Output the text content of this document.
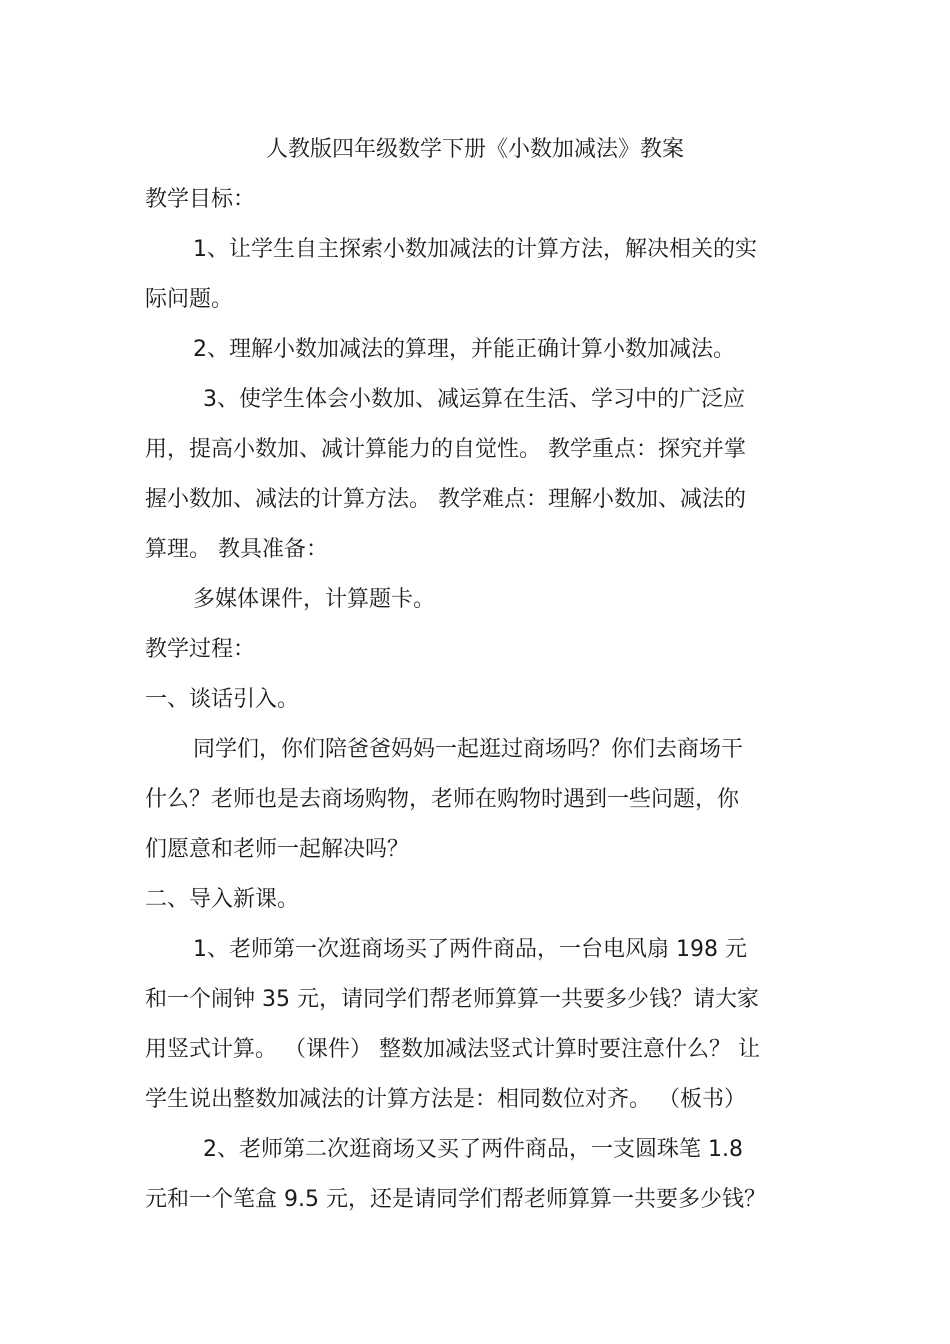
人教版四年级数学下册《小数加减法》教案
教学目标：
1、让学生自主探索小数加减法的计算方法，解决相关的实
际问题。
2、理解小数加减法的算理，并能正确计算小数加减法。
3、使学生体会小数加、减运算在生活、学习中的广泛应
用，提高小数加、减计算能力的自觉性。 教学重点：探究并掌
握小数加、减法的计算方法。 教学难点：理解小数加、减法的
算理。 教具准备：
多媒体课件，计算题卡。
教学过程：
一、谈话引入。
同学们，你们陪爸爸妈妈一起逛过商场吗？你们去商场干
什么？老师也是去商场购物，老师在购物时遇到一些问题，你
们愿意和老师一起解决吗？
二、导入新课。
1、老师第一次逛商场买了两件商品，一台电风扇 198 元
和一个闹钟 35 元，请同学们帮老师算算一共要多少钱？请大家
用竖式计算。 （课件） 整数加减法竖式计算时要注意什么？ 让
学生说出整数加减法的计算方法是：相同数位对齐。 （板书）
2、老师第二次逛商场又买了两件商品，一支圆珠笔 1.8
元和一个笔盒 9.5 元，还是请同学们帮老师算算一共要多少钱？
